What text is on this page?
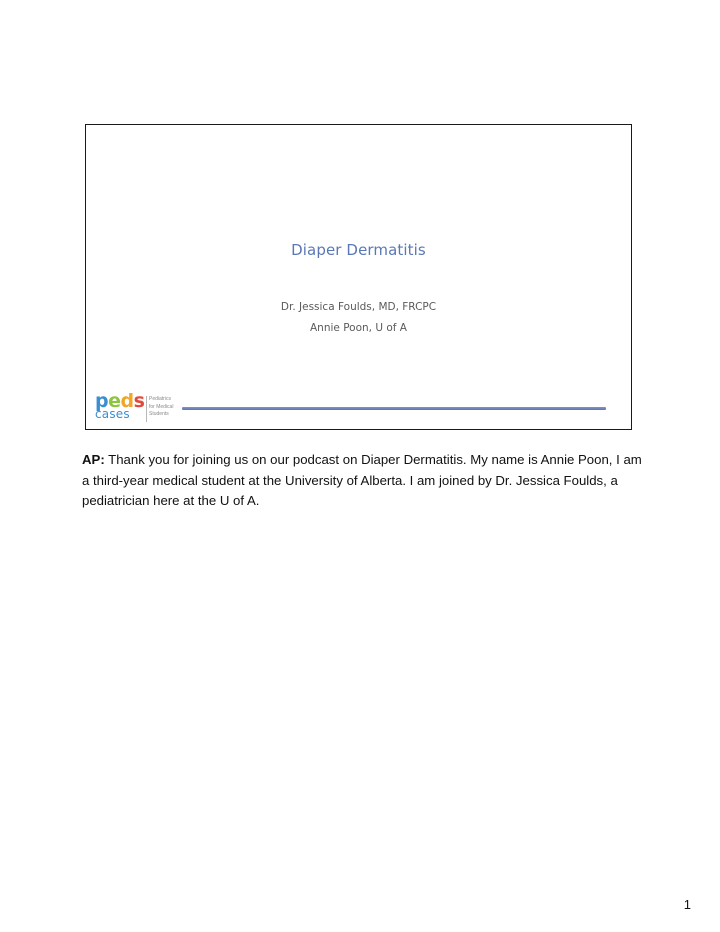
Diaper Dermatitis
Dr. Jessica Foulds, MD, FRCPC
Annie Poon, U of A
peds
cases
Pediatrics
for Medical
Students
AP: Thank you for joining us on our podcast on Diaper Dermatitis. My name is Annie Poon, I am a third-year medical student at the University of Alberta. I am joined by Dr. Jessica Foulds, a pediatrician here at the U of A.
1
